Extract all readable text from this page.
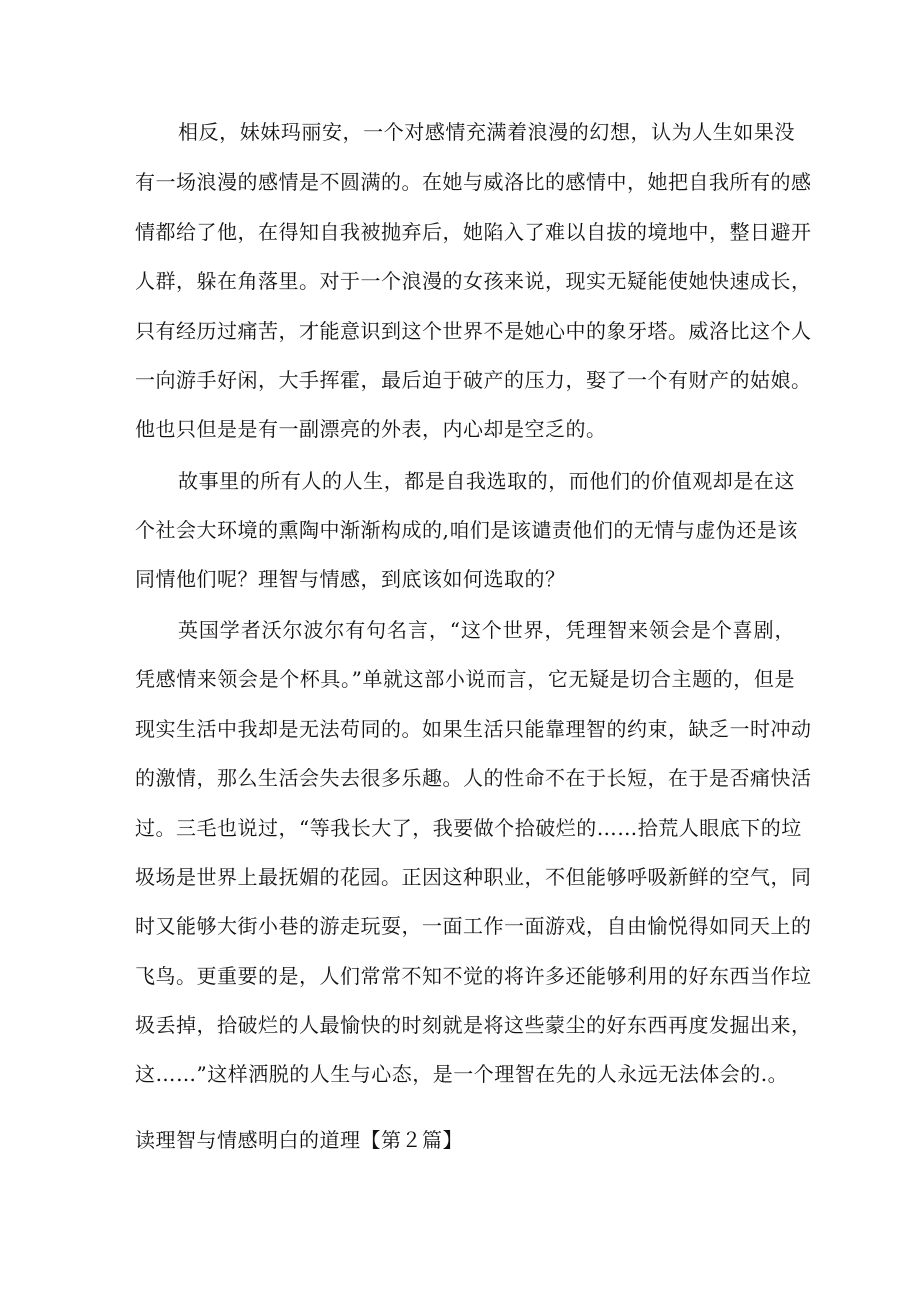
相反，妹妹玛丽安，一个对感情充满着浪漫的幻想，认为人生如果没
有一场浪漫的感情是不圆满的。在她与威洛比的感情中，她把自我所有的感
情都给了他，在得知自我被抛弃后，她陷入了难以自拔的境地中，整日避开
人群，躲在角落里。对于一个浪漫的女孩来说，现实无疑能使她快速成长，
只有经历过痛苦，才能意识到这个世界不是她心中的象牙塔。威洛比这个人
一向游手好闲，大手挥霍，最后迫于破产的压力，娶了一个有财产的姑娘。
他也只但是是有一副漂亮的外表，内心却是空乏的。
故事里的所有人的人生，都是自我选取的，而他们的价值观却是在这
个社会大环境的熏陶中渐渐构成的,咱们是该谴责他们的无情与虚伪还是该
同情他们呢？理智与情感，到底该如何选取的？
英国学者沃尔波尔有句名言，“这个世界，凭理智来领会是个喜剧，
凭感情来领会是个杯具。”单就这部小说而言，它无疑是切合主题的，但是
现实生活中我却是无法苟同的。如果生活只能靠理智的约束，缺乏一时冲动
的激情，那么生活会失去很多乐趣。人的性命不在于长短，在于是否痛快活
过。三毛也说过，“等我长大了，我要做个拾破烂的……拾荒人眼底下的垃
圾场是世界上最抚媚的花园。正因这种职业，不但能够呼吸新鲜的空气，同
时又能够大街小巷的游走玩耍，一面工作一面游戏，自由愉悦得如同天上的
飞鸟。更重要的是，人们常常不知不觉的将许多还能够利用的好东西当作垃
圾丢掉，拾破烂的人最愉快的时刻就是将这些蒙尘的好东西再度发掘出来，
这……”这样洒脱的人生与心态，是一个理智在先的人永远无法体会的.。
读理智与情感明白的道理【第２篇】
